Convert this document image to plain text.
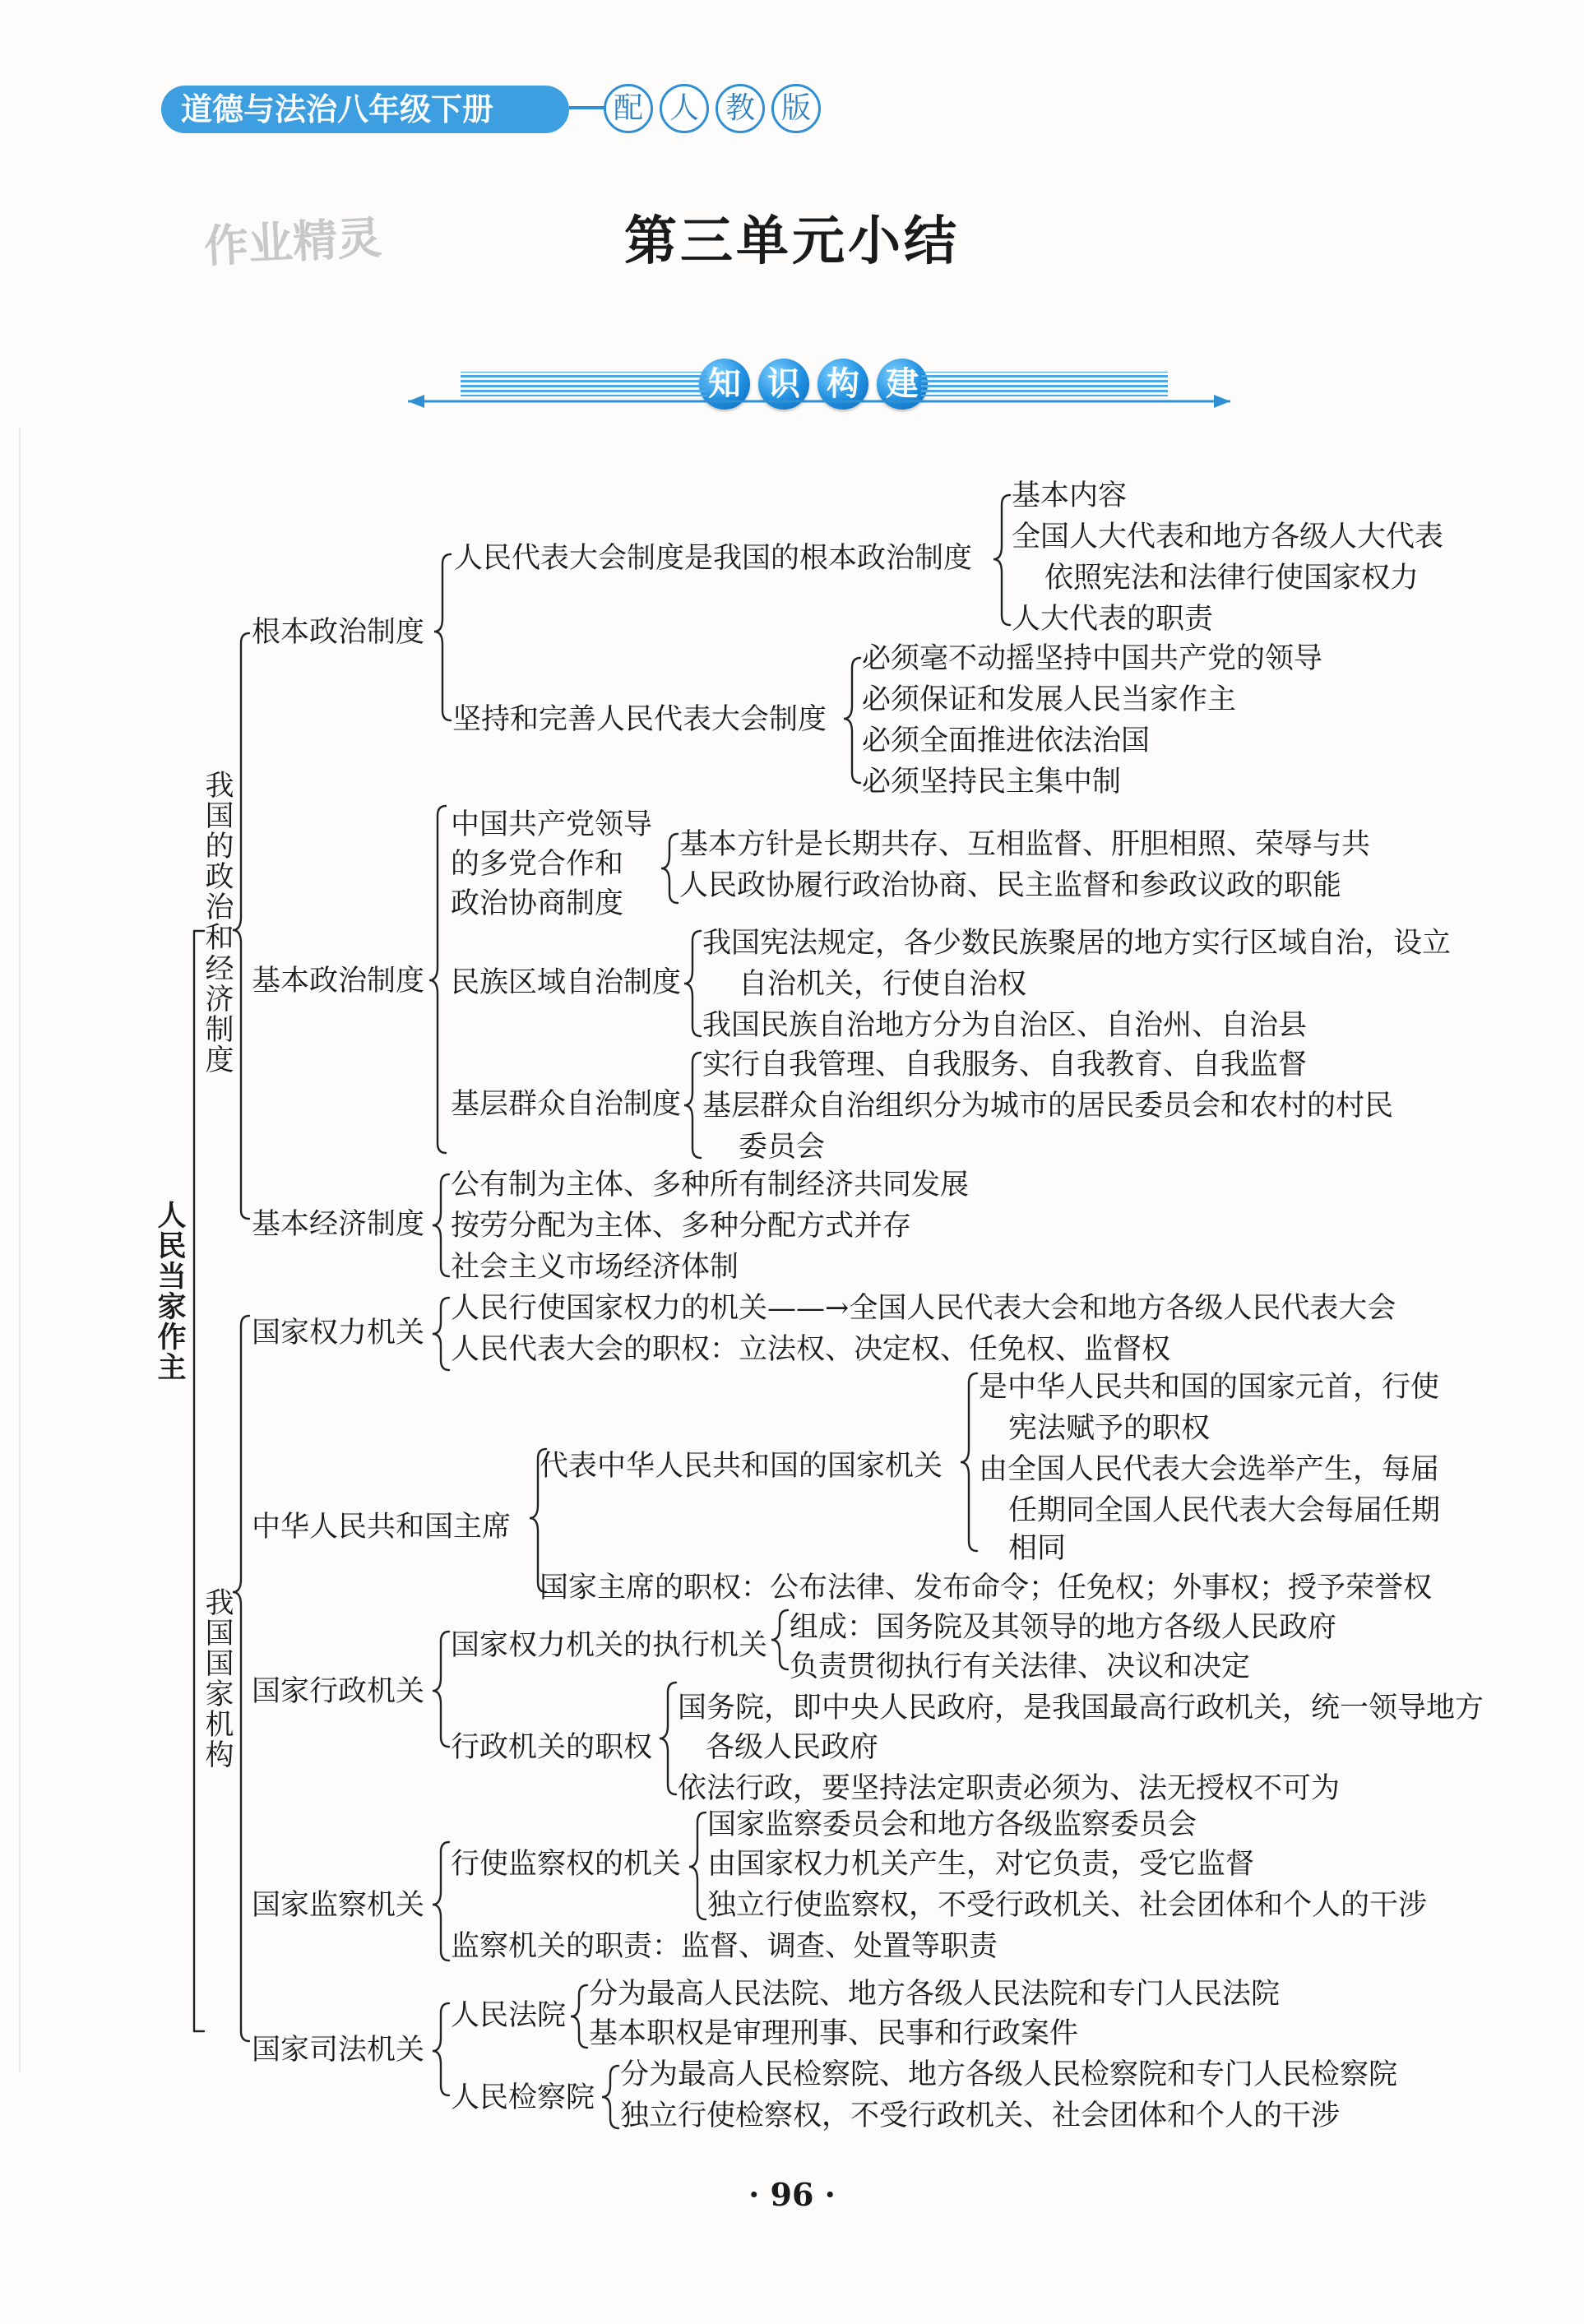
道德与法治八年级下册	配 人 教 版
作业精灵	第三单元小结
知 识 构 建
人民当家作主
我国的政治和经济制度
我国国家机构
根本政治制度
人民代表大会制度是我国的根本政治制度
基本内容
全国人大代表和地方各级人大代表
依照宪法和法律行使国家权力
人大代表的职责
坚持和完善人民代表大会制度
必须毫不动摇坚持中国共产党的领导
必须保证和发展人民当家作主
必须全面推进依法治国
必须坚持民主集中制
基本政治制度
中国共产党领导
的多党合作和
政治协商制度
基本方针是长期共存、互相监督、肝胆相照、荣辱与共
人民政协履行政治协商、民主监督和参政议政的职能
民族区域自治制度
我国宪法规定，各少数民族聚居的地方实行区域自治，设立
自治机关，行使自治权
我国民族自治地方分为自治区、自治州、自治县
基层群众自治制度
实行自我管理、自我服务、自我教育、自我监督
基层群众自治组织分为城市的居民委员会和农村的村民
委员会
基本经济制度
公有制为主体、多种所有制经济共同发展
按劳分配为主体、多种分配方式并存
社会主义市场经济体制
国家权力机关
人民行使国家权力的机关——→全国人民代表大会和地方各级人民代表大会
人民代表大会的职权：立法权、决定权、任免权、监督权
中华人民共和国主席
代表中华人民共和国的国家机关
是中华人民共和国的国家元首，行使
宪法赋予的职权
由全国人民代表大会选举产生，每届
任期同全国人民代表大会每届任期
相同
国家主席的职权：公布法律、发布命令；任免权；外事权；授予荣誉权
国家行政机关
国家权力机关的执行机关
组成：国务院及其领导的地方各级人民政府
负责贯彻执行有关法律、决议和决定
行政机关的职权
国务院，即中央人民政府，是我国最高行政机关，统一领导地方
各级人民政府
依法行政，要坚持法定职责必须为、法无授权不可为
国家监察机关
行使监察权的机关
国家监察委员会和地方各级监察委员会
由国家权力机关产生，对它负责，受它监督
独立行使监察权，不受行政机关、社会团体和个人的干涉
监察机关的职责：监督、调查、处置等职责
国家司法机关
人民法院
分为最高人民法院、地方各级人民法院和专门人民法院
基本职权是审理刑事、民事和行政案件
人民检察院
分为最高人民检察院、地方各级人民检察院和专门人民检察院
独立行使检察权，不受行政机关、社会团体和个人的干涉
· 96 ·
